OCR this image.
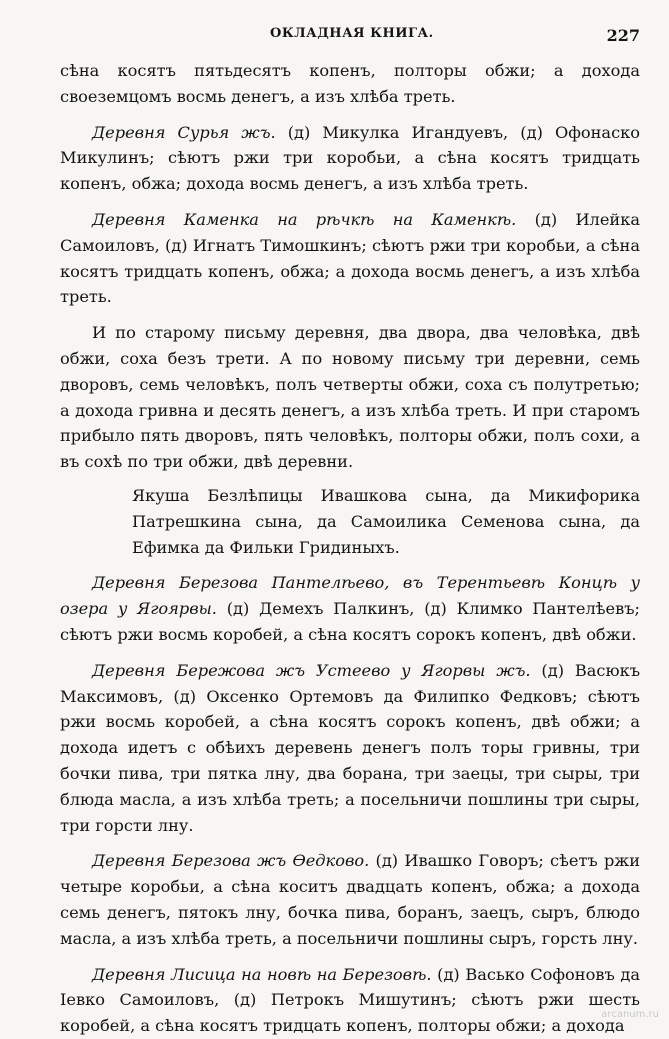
ОКЛАДНАЯ КНИГА.	227

сѣна косятъ пятьдесятъ копенъ, полторы обжи; а дохода своеземцомъ восмь денегъ, а изъ хлѣба треть.

Деревня Сурья жъ. (д) Микулка Игандуевъ, (д) Офонаско Микулинъ; сѣютъ ржи три коробьи, а сѣна косятъ тридцать копенъ, обжа; дохода восмь денегъ, а изъ хлѣба треть.

Деревня Каменка на рѣчкѣ на Каменкѣ. (д) Илейка Самоиловъ, (д) Игнатъ Тимошкинъ; сѣютъ ржи три коробьи, а сѣна косятъ тридцать копенъ, обжа; а дохода восмь денегъ, а изъ хлѣба треть.

И по старому письму деревня, два двора, два человѣка, двѣ обжи, соха безъ трети. А по новому письму три деревни, семь дворовъ, семь человѣкъ, полъ четверты обжи, соха съ полутретью; а дохода гривна и десять денегъ, а изъ хлѣба треть. И при старомъ прибыло пять дворовъ, пять человѣкъ, полторы обжи, полъ сохи, а въ сохѣ по три обжи, двѣ деревни.

Якуша Безлѣпицы Ивашкова сына, да Микифорика Патрешкина сына, да Самоилика Семенова сына, да Ефимка да Фильки Гридиныхъ.

Деревня Березова Пантелѣево, въ Терентьевѣ Концѣ у озера у Ягоярвы. (д) Демехъ Палкинъ, (д) Климко Пантелѣевъ; сѣютъ ржи восмь коробей, а сѣна косятъ сорокъ копенъ, двѣ обжи.

Деревня Бережова жъ Устеево у Ягорвы жъ. (д) Васюкъ Максимовъ, (д) Оксенко Ортемовъ да Филипко Федковъ; сѣютъ ржи восмь коробей, а сѣна косятъ сорокъ копенъ, двѣ обжи; а дохода идетъ с обѣихъ деревень денегъ полъ торы гривны, три бочки пива, три пятка лну, два борана, три заецы, три сыры, три блюда масла, а изъ хлѣба треть; а посельничи пошлины три сыры, три горсти лну.

Деревня Березова жъ Ѳедково. (д) Ивашко Говоръ; сѣетъ ржи четыре коробьи, а сѣна коситъ двадцать копенъ, обжа; а дохода семь денегъ, пятокъ лну, бочка пива, боранъ, заецъ, сыръ, блюдо масла, а изъ хлѣба треть, а посельничи пошлины сыръ, горсть лну.

Деревня Лисица на новѣ на Березовѣ. (д) Васько Софоновъ да Іевко Самоиловъ, (д) Петрокъ Мишутинъ; сѣютъ ржи шесть коробей, а сѣна косятъ тридцать копенъ, полторы обжи; а дохода

arcanum.ru
